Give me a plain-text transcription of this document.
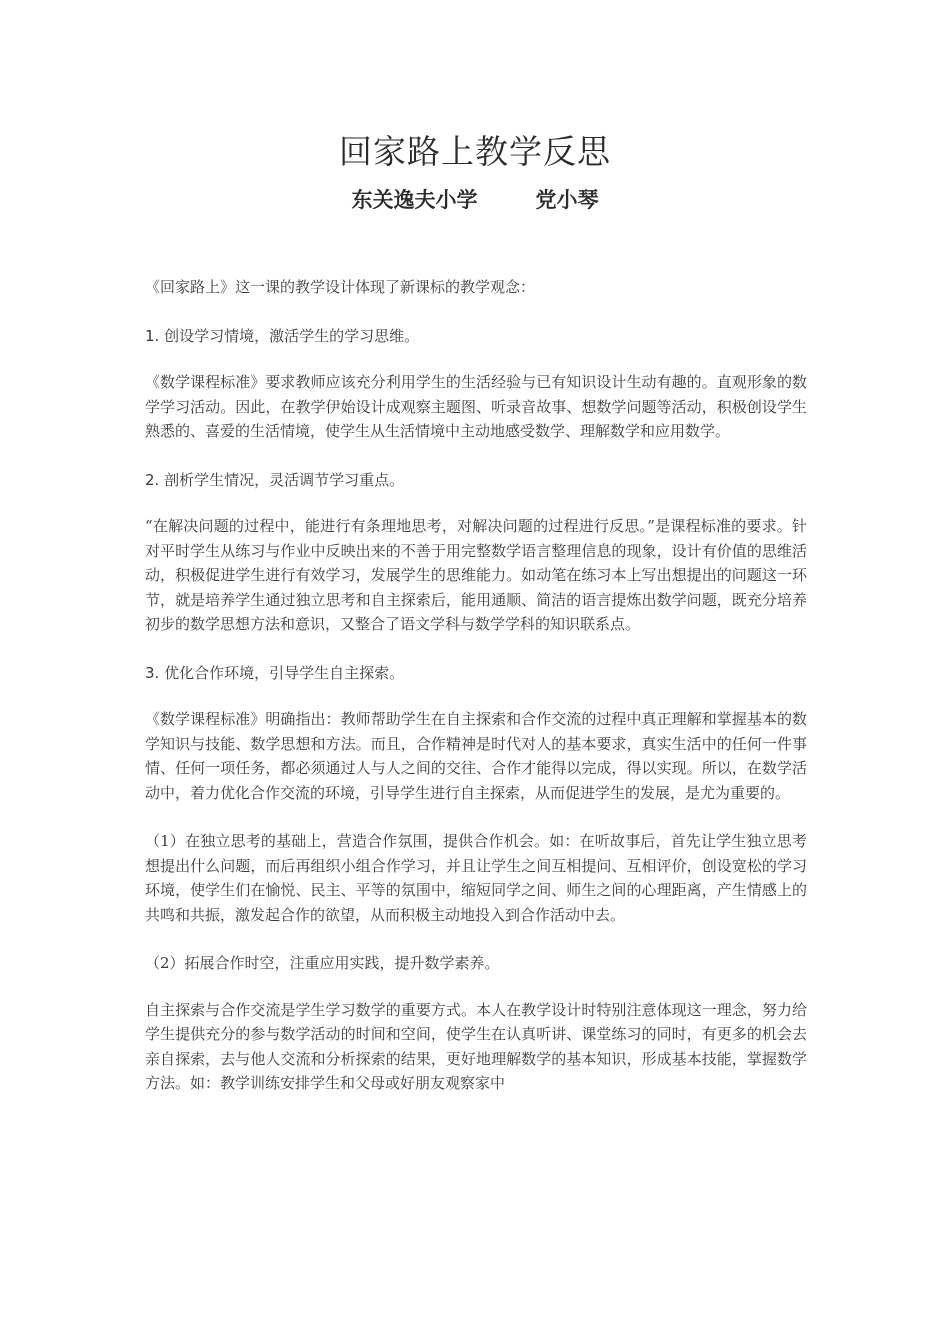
回家路上教学反思
东关逸夫小学	党小琴

《回家路上》这一课的教学设计体现了新课标的教学观念：

1. 创设学习情境，激活学生的学习思维。

《数学课程标准》要求教师应该充分利用学生的生活经验与已有知识设计生动有趣的。直观形象的数学学习活动。因此，在教学伊始设计成观察主题图、听录音故事、想数学问题等活动，积极创设学生熟悉的、喜爱的生活情境，使学生从生活情境中主动地感受数学、理解数学和应用数学。

2. 剖析学生情况，灵活调节学习重点。

“在解决问题的过程中，能进行有条理地思考，对解决问题的过程进行反思。”是课程标准的要求。针对平时学生从练习与作业中反映出来的不善于用完整数学语言整理信息的现象，设计有价值的思维活动，积极促进学生进行有效学习，发展学生的思维能力。如动笔在练习本上写出想提出的问题这一环节，就是培养学生通过独立思考和自主探索后，能用通顺、简洁的语言提炼出数学问题，既充分培养初步的数学思想方法和意识，又整合了语文学科与数学学科的知识联系点。

3. 优化合作环境，引导学生自主探索。

《数学课程标准》明确指出：教师帮助学生在自主探索和合作交流的过程中真正理解和掌握基本的数学知识与技能、数学思想和方法。而且，合作精神是时代对人的基本要求，真实生活中的任何一件事情、任何一项任务，都必须通过人与人之间的交往、合作才能得以完成，得以实现。所以，在数学活动中，着力优化合作交流的环境，引导学生进行自主探索，从而促进学生的发展，是尤为重要的。

（1）在独立思考的基础上，营造合作氛围，提供合作机会。如：在听故事后，首先让学生独立思考想提出什么问题，而后再组织小组合作学习，并且让学生之间互相提问、互相评价，创设宽松的学习环境，使学生们在愉悦、民主、平等的氛围中，缩短同学之间、师生之间的心理距离，产生情感上的共鸣和共振，激发起合作的欲望，从而积极主动地投入到合作活动中去。

（2）拓展合作时空，注重应用实践，提升数学素养。

自主探索与合作交流是学生学习数学的重要方式。本人在教学设计时特别注意体现这一理念，努力给学生提供充分的参与数学活动的时间和空间，使学生在认真听讲、课堂练习的同时，有更多的机会去亲自探索，去与他人交流和分析探索的结果，更好地理解数学的基本知识，形成基本技能，掌握数学方法。如：教学训练安排学生和父母或好朋友观察家中
